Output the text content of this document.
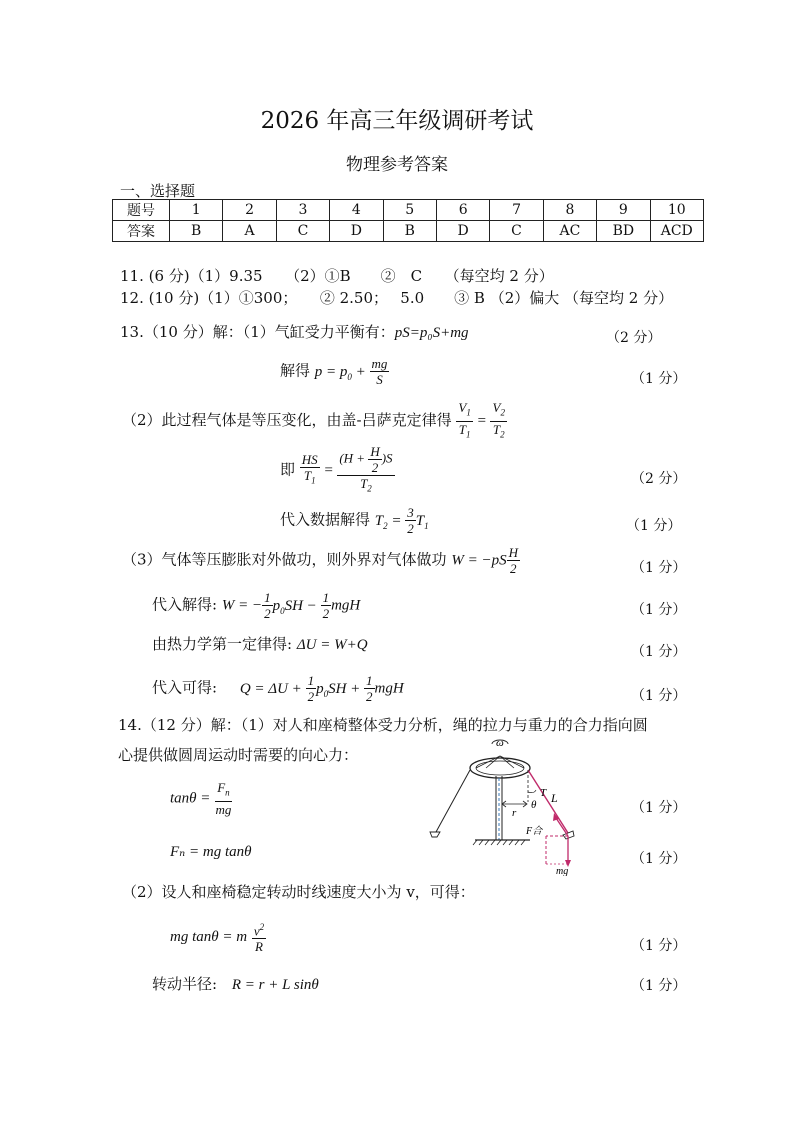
2026 年高三年级调研考试
物理参考答案
一、选择题
题号	1	2	3	4	5	6	7	8	9	10
答案	B	A	C	D	B	D	C	AC	BD	ACD
11. (6 分)（1）9.35　　（2）①B　　②　C　　（每空均 2 分）
12. (10 分)（1）①300；　　② 2.50；　 5.0　　③ B （2）偏大 （每空均 2 分）
13.（10 分）解：（1）气缸受力平衡有：pS=p₀S+mg	（2 分）
解得 $p = p_0 + \frac{mg}{S}$	（1 分）
（2）此过程气体是等压变化，由盖-吕萨克定律得 $\frac{V_1}{T_1} = \frac{V_2}{T_2}$
即 $\frac{HS}{T_1} = \frac{(H + \frac{H}{2} )S}{T_2}$	（2 分）
代入数据解得 $T_2 = \frac{3}{2} T_1$	（1 分）
（3）气体等压膨胀对外做功，则外界对气体做功 $W = -pS \frac{H}{2}$	（1 分）
代入解得: W = − $\frac{1}{2} p_0SH - \frac{1}{2}$ mgH	（1 分）
由热力学第一定律得: ΔU = W+Q	（1 分）
代入可得: $Q = \Delta U + \frac{1}{2} p_0SH + \frac{1}{2}$ mgH	（1 分）
14.（12 分）解：（1）对人和座椅整体受力分析，绳的拉力与重力的合力指向圆
心提供做圆周运动时需要的向心力：
$\tan\theta = \frac{F_n}{mg}$	（1 分）
Fₙ = mg tanθ	（1 分）
（2）设人和座椅稳定转动时线速度大小为 v，可得：
mg tanθ = m $\frac{v^2}{R}$	（1 分）
转动半径: R = r + L sinθ	（1 分）
ω
r
θ
T L
F合
mg
